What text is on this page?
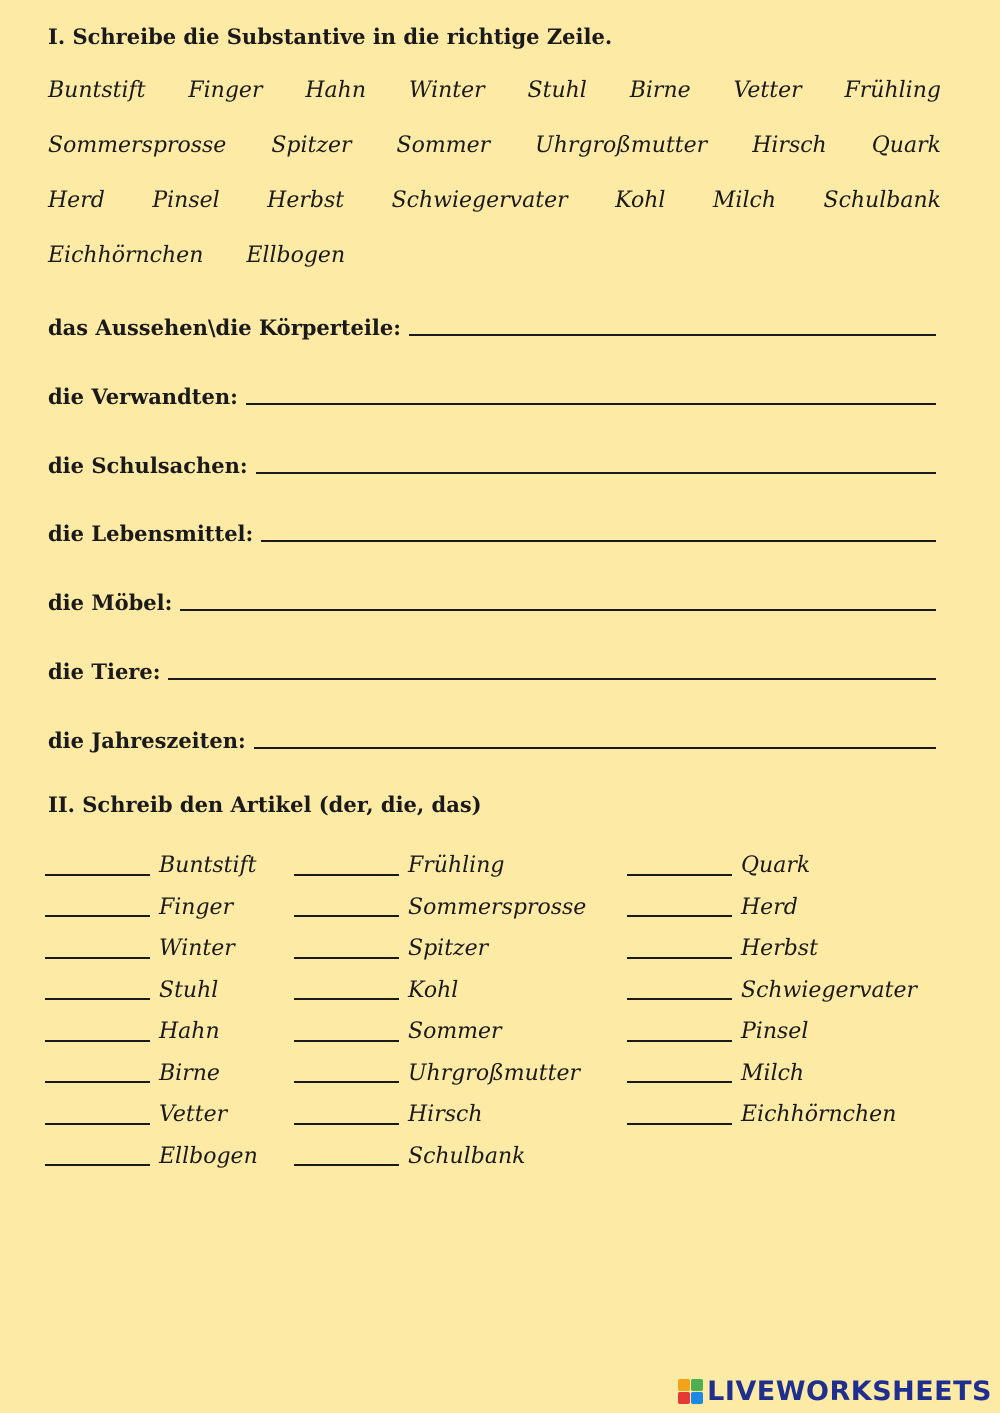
I. Schreibe die Substantive in die richtige Zeile.
Buntstift Finger Hahn Winter Stuhl Birne Vetter Frühling
Sommersprosse Spitzer Sommer Uhrgroßmutter Hirsch Quark
Herd Pinsel Herbst Schwiegervater Kohl Milch Schulbank
Eichhörnchen Ellbogen
das Aussehen\die Körperteile:
die Verwandten:
die Schulsachen:
die Lebensmittel:
die Möbel:
die Tiere:
die Jahreszeiten:
II. Schreib den Artikel (der, die, das)
Buntstift
Finger
Winter
Stuhl
Hahn
Birne
Vetter
Ellbogen
Frühling
Sommersprosse
Spitzer
Kohl
Sommer
Uhrgroßmutter
Hirsch
Schulbank
Quark
Herd
Herbst
Schwiegervater
Pinsel
Milch
Eichhörnchen
LIVEWORKSHEETS
